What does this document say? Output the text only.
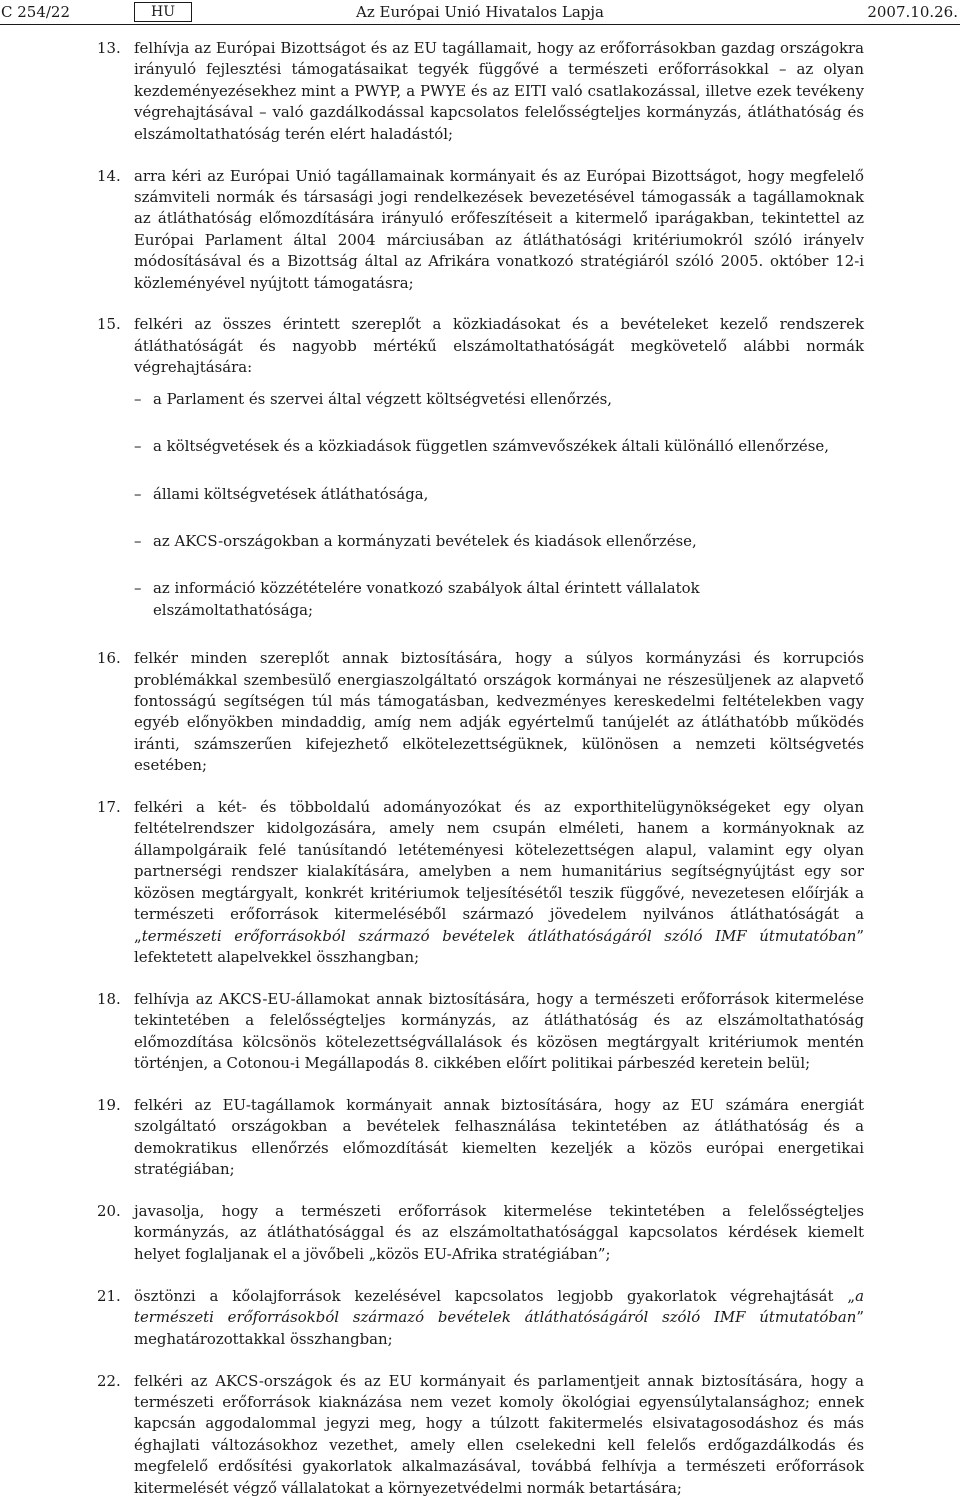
C 254/22	HU	Az Európai Unió Hivatalos Lapja	2007.10.26.
13. felhívja az Európai Bizottságot és az EU tagállamait, hogy az erőforrásokban gazdag országokra irányuló fejlesztési támogatásaikat tegyék függővé a természeti erőforrásokkal – az olyan kezdeményezésekhez mint a PWYP, a PWYE és az EITI való csatlakozással, illetve ezek tevékeny végrehajtásával – való gazdálkodással kapcsolatos felelősségteljes kormányzás, átláthatóság és elszámoltathatóság terén elért haladástól;
14. arra kéri az Európai Unió tagállamainak kormányait és az Európai Bizottságot, hogy megfelelő számviteli normák és társasági jogi rendelkezések bevezetésével támogassák a tagállamoknak az átláthatóság előmozdítására irányuló erőfeszítéseit a kitermelő iparágakban, tekintettel az Európai Parlament által 2004 márciusában az átláthatósági kritériumokról szóló irányelv módosításával és a Bizottság által az Afrikára vonatkozó stratégiáról szóló 2005. október 12-i közleményével nyújtott támogatásra;
15. felkéri az összes érintett szereplőt a közkiadásokat és a bevételeket kezelő rendszerek átláthatóságát és nagyobb mértékű elszámoltathatóságát megkövetelő alábbi normák végrehajtására:
– a Parlament és szervei által végzett költségvetési ellenőrzés,
– a költségvetések és a közkiadások független számvevőszékek általi különálló ellenőrzése,
– állami költségvetések átláthatósága,
– az AKCS-országokban a kormányzati bevételek és kiadások ellenőrzése,
– az információ közzétételére vonatkozó szabályok által érintett vállalatok elszámoltathatósága;
16. felkér minden szereplőt annak biztosítására, hogy a súlyos kormányzási és korrupciós problémákkal szembesülő energiaszolgáltató országok kormányai ne részesüljenek az alapvető fontosságú segítségen túl más támogatásban, kedvezményes kereskedelmi feltételekben vagy egyéb előnyökben mindaddig, amíg nem adják egyértelmű tanújelét az átláthatóbb működés iránti, számszerűen kifejezhető elkötelezettségüknek, különösen a nemzeti költségvetés esetében;
17. felkéri a két- és többoldalú adományozókat és az exporthitelügynökségeket egy olyan feltételrendszer kidolgozására, amely nem csupán elméleti, hanem a kormányoknak az állampolgáraik felé tanúsítandó letéteményesi kötelezettségen alapul, valamint egy olyan partnerségi rendszer kialakítására, amelyben a nem humanitárius segítségnyújtást egy sor közösen megtárgyalt, konkrét kritériumok teljesítésétől teszik függővé, nevezetesen előírják a természeti erőforrások kitermeléséből származó jövedelem nyilvános átláthatóságát a „természeti erőforrásokból származó bevételek átláthatóságáról szóló IMF útmutatóban” lefektetett alapelvekkel összhangban;
18. felhívja az AKCS-EU-államokat annak biztosítására, hogy a természeti erőforrások kitermelése tekintetében a felelősségteljes kormányzás, az átláthatóság és az elszámoltathatóság előmozdítása kölcsönös kötelezettségvállalások és közösen megtárgyalt kritériumok mentén történjen, a Cotonou-i Megállapodás 8. cikkében előírt politikai párbeszéd keretein belül;
19. felkéri az EU-tagállamok kormányait annak biztosítására, hogy az EU számára energiát szolgáltató országokban a bevételek felhasználása tekintetében az átláthatóság és a demokratikus ellenőrzés előmozdítását kiemelten kezeljék a közös európai energetikai stratégiában;
20. javasolja, hogy a természeti erőforrások kitermelése tekintetében a felelősségteljes kormányzás, az átláthatósággal és az elszámoltathatósággal kapcsolatos kérdések kiemelt helyet foglaljanak el a jövőbeli „közös EU-Afrika stratégiában”;
21. ösztönzi a kőolajforrások kezelésével kapcsolatos legjobb gyakorlatok végrehajtását „a természeti erőforrásokból származó bevételek átláthatóságáról szóló IMF útmutatóban” meghatározottakkal összhangban;
22. felkéri az AKCS-országok és az EU kormányait és parlamentjeit annak biztosítására, hogy a természeti erőforrások kiaknázása nem vezet komoly ökológiai egyensúlytalansághoz; ennek kapcsán aggodalommal jegyzi meg, hogy a túlzott fakitermelés elsivatagosodáshoz és más éghajlati változásokhoz vezethet, amely ellen cselekedni kell felelős erdőgazdálkodás és megfelelő erdősítési gyakorlatok alkalmazásával, továbbá felhívja a természeti erőforrások kitermelését végző vállalatokat a környezetvédelmi normák betartására;
